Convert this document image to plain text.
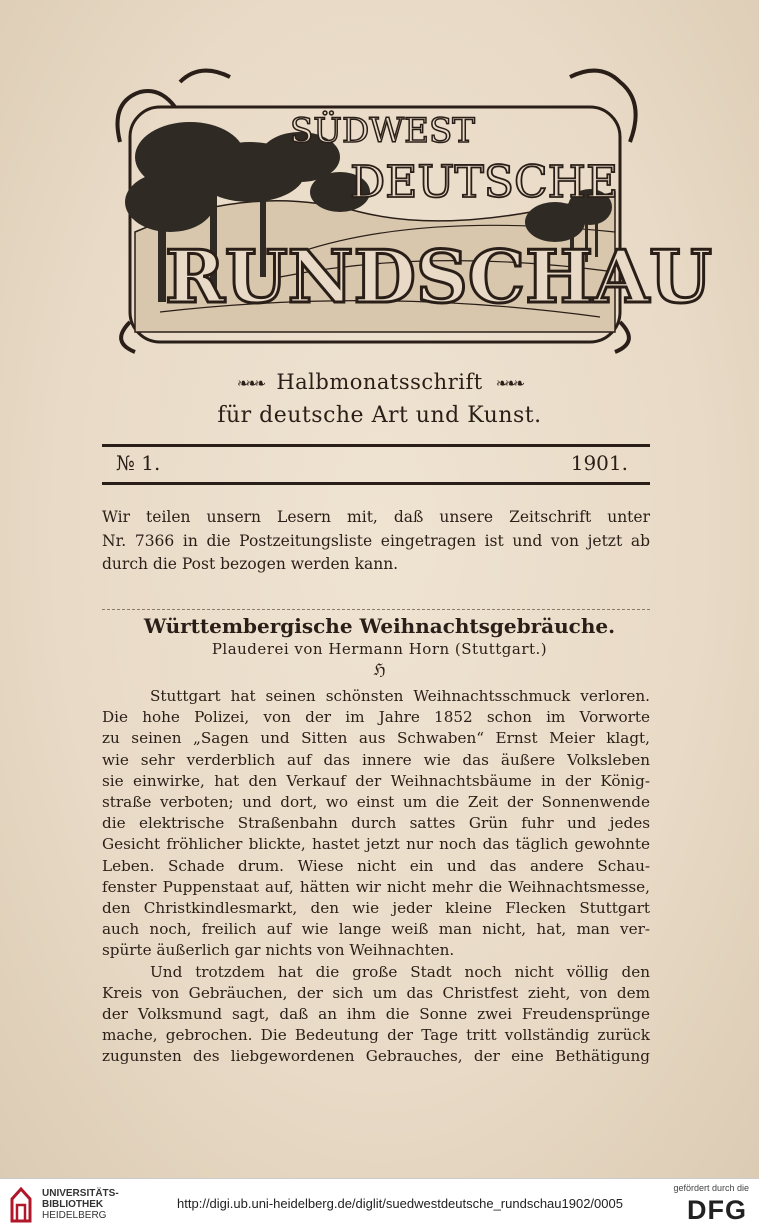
SÜDWEST
DEUTSCHE
RUNDSCHAU
❧❧❧ Halbmonatsschrift ❧❧❧
für deutsche Art und Kunst.
№ 1.	1901.
Wir teilen unsern Lesern mit, daß unsere Zeitschrift unter
Nr. 7366 in die Postzeitungsliste eingetragen ist und von jetzt ab
durch die Post bezogen werden kann.
Württembergische Weihnachtsgebräuche.
Plauderei von Hermann Horn (Stuttgart.)
ℌ
Stuttgart hat seinen schönsten Weihnachtsschmuck verloren.
Die hohe Polizei, von der im Jahre 1852 schon im Vorworte
zu seinen „Sagen und Sitten aus Schwaben“ Ernst Meier klagt,
wie sehr verderblich auf das innere wie das äußere Volksleben
sie einwirke, hat den Verkauf der Weihnachtsbäume in der König-
straße verboten; und dort, wo einst um die Zeit der Sonnenwende
die elektrische Straßenbahn durch sattes Grün fuhr und jedes
Gesicht fröhlicher blickte, hastet jetzt nur noch das täglich gewohnte
Leben. Schade drum. Wiese nicht ein und das andere Schau-
fenster Puppenstaat auf, hätten wir nicht mehr die Weihnachtsmesse,
den Christkindlesmarkt, den wie jeder kleine Flecken Stuttgart
auch noch, freilich auf wie lange weiß man nicht, hat, man ver-
spürte äußerlich gar nichts von Weihnachten.
Und trotzdem hat die große Stadt noch nicht völlig den
Kreis von Gebräuchen, der sich um das Christfest zieht, von dem
der Volksmund sagt, daß an ihm die Sonne zwei Freudensprünge
mache, gebrochen. Die Bedeutung der Tage tritt vollständig zurück
zugunsten des liebgewordenen Gebrauches, der eine Bethätigung
UNIVERSITÄTS-
BIBLIOTHEK
HEIDELBERG
http://digi.ub.uni-heidelberg.de/diglit/suedwestdeutsche_rundschau1902/0005
gefördert durch die
DFG
